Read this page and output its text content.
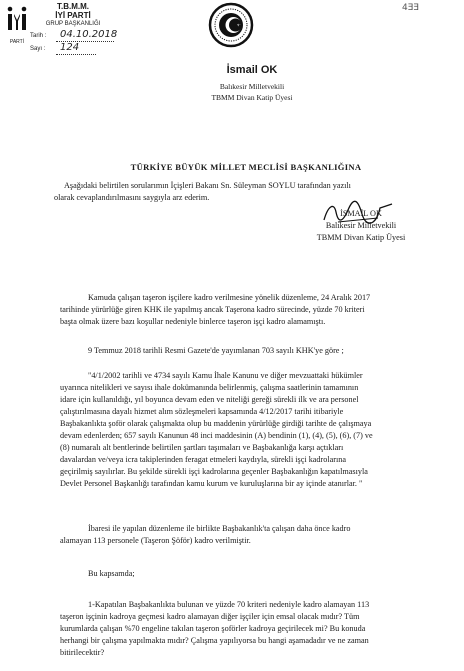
PARTİ
T.B.M.M.
İYİ PARTİ
GRUP BAŞKANLIĞI
Tarih : 04.10.2018
Sayı : 124
4ƎƎ
İsmail OK
Balıkesir Milletvekili
TBMM Divan Katip Üyesi
TÜRKİYE BÜYÜK MİLLET MECLİSİ BAŞKANLIĞINA
Aşağıdaki belirtilen sorularımın İçişleri Bakanı Sn. Süleyman SOYLU tarafından yazılı
olarak cevaplandırılmasını saygıyla arz ederim.
İSMAİL OK
Balıkesir Milletvekili
TBMM Divan Katip Üyesi
Kamuda çalışan taşeron işçilere kadro verilmesine yönelik düzenleme, 24 Aralık 2017
tarihinde yürürlüğe giren KHK ile yapılmış ancak Taşerona kadro sürecinde, yüzde 70 kriteri
başta olmak üzere bazı koşullar nedeniyle binlerce taşeron işçi kadro alamamıştı.
9 Temmuz 2018 tarihli Resmi Gazete'de yayımlanan 703 sayılı KHK'ye göre ;
"4/1/2002 tarihli ve 4734 sayılı Kamu İhale Kanunu ve diğer mevzuattaki hükümler
uyarınca nitelikleri ve sayısı ihale dokümanında belirlenmiş, çalışma saatlerinin tamamının
idare için kullanıldığı, yıl boyunca devam eden ve niteliği gereği sürekli ilk ve ara personel
çalıştırılmasına dayalı hizmet alım sözleşmeleri kapsamında 4/12/2017 tarihi itibariyle
Başbakanlıkta şoför olarak çalışmakta olup bu maddenin yürürlüğe girdiği tarihte de çalışmaya
devam edenlerden; 657 sayılı Kanunun 48 inci maddesinin (A) bendinin (1), (4), (5), (6), (7) ve
(8) numaralı alt bentlerinde belirtilen şartları taşımaları ve Başbakanlığa karşı açtıkları
davalardan ve/veya icra takiplerinden feragat etmeleri kaydıyla, sürekli işçi kadrolarına
geçirilmiş sayılırlar. Bu şekilde sürekli işçi kadrolarına geçenler Başbakanlığın kapatılmasıyla
Devlet Personel Başkanlığı tarafından kamu kurum ve kuruluşlarına bir ay içinde atanırlar. "
İbaresi ile yapılan düzenleme ile birlikte Başbakanlık'ta çalışan daha önce kadro
alamayan 113 personele (Taşeron Şöför) kadro verilmiştir.
Bu kapsamda;
1-Kapatılan Başbakanlıkta bulunan ve yüzde 70 kriteri nedeniyle kadro alamayan 113
taşeron işçinin kadroya geçmesi kadro alamayan diğer işçiler için emsal olacak mıdır? Tüm
kurumlarda çalışan %70 engeline takılan taşeron şoförler kadroya geçirilecek mi? Bu konuda
herhangi bir çalışma yapılmakta mıdır? Çalışma yapılıyorsa bu hangi aşamadadır ve ne zaman
bitirilecektir?
